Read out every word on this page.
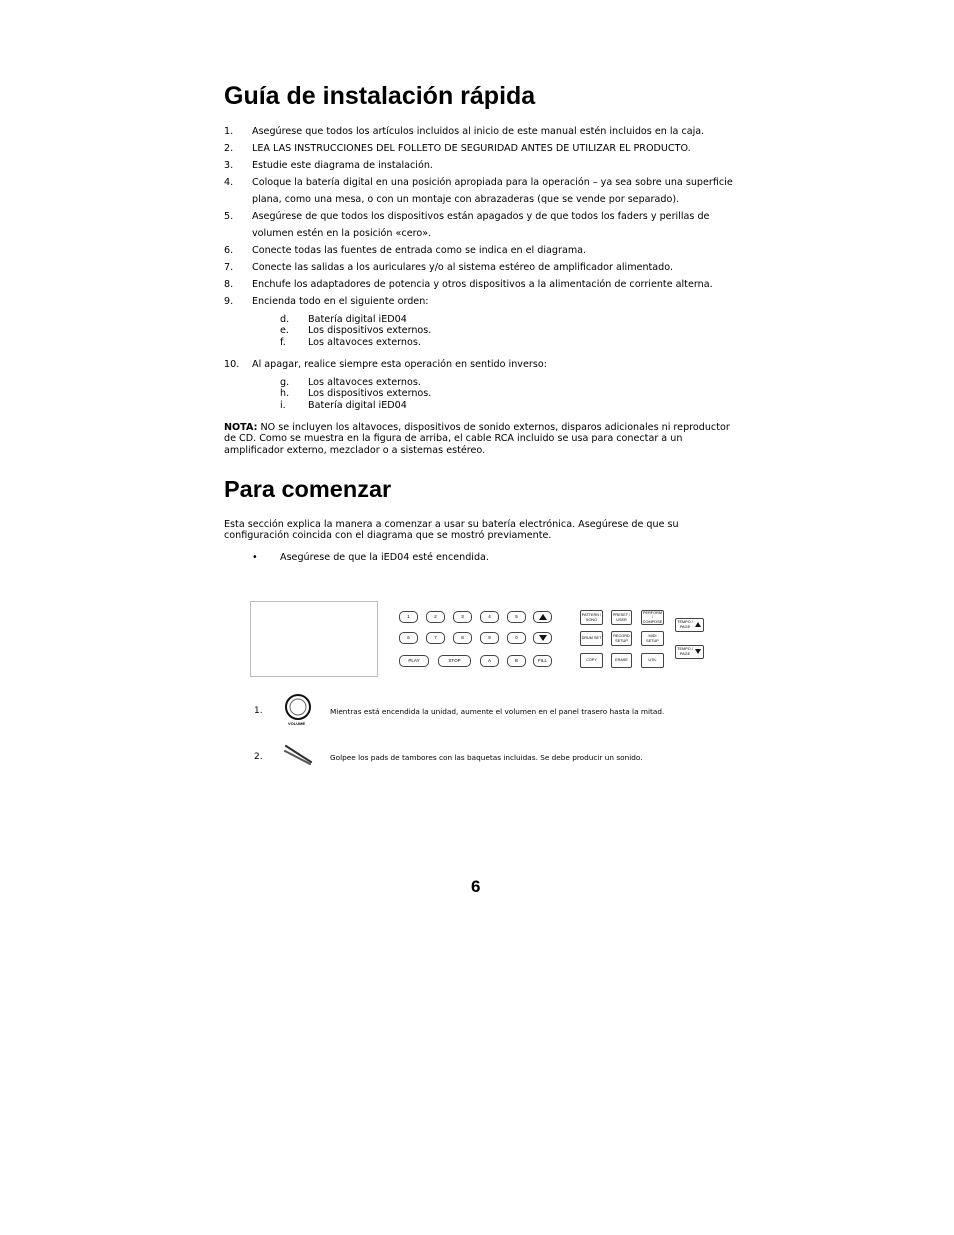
Guía de instalación rápida
1.	Asegúrese que todos los artículos incluidos al inicio de este manual estén incluidos en la caja.
2.	LEA LAS INSTRUCCIONES DEL FOLLETO DE SEGURIDAD ANTES DE UTILIZAR EL PRODUCTO.
3.	Estudie este diagrama de instalación.
4.	Coloque la batería digital en una posición apropiada para la operación – ya sea sobre una superficie
plana, como una mesa, o con un montaje con abrazaderas (que se vende por separado).
5.	Asegúrese de que todos los dispositivos están apagados y de que todos los faders y perillas de
volumen estén en la posición «cero».
6.	Conecte todas las fuentes de entrada como se indica en el diagrama.
7.	Conecte las salidas a los auriculares y/o al sistema estéreo de amplificador alimentado.
8.	Enchufe los adaptadores de potencia y otros dispositivos a la alimentación de corriente alterna.
9.	Encienda todo en el siguiente orden:
d. Batería digital iED04
e. Los dispositivos externos.
f. Los altavoces externos.
10.	Al apagar, realice siempre esta operación en sentido inverso:
g. Los altavoces externos.
h. Los dispositivos externos.
i. Batería digital iED04
NOTA: NO se incluyen los altavoces, dispositivos de sonido externos, disparos adicionales ni reproductor
de CD. Como se muestra en la figura de arriba, el cable RCA incluido se usa para conectar a un
amplificador externo, mezclador o a sistemas estéreo.
Para comenzar
Esta sección explica la manera a comenzar a usar su batería electrónica. Asegúrese de que su
configuración coincida con el diagrama que se mostró previamente.
• Asegúrese de que la iED04 esté encendida.
1	2	3	4	5
6	7	8	9	0
PLAY	STOP	A	B	FILL
PATTERN / SONG
PRESET / USER
PERFORM / COMPOSE
DRUM SET
RECORD SETUP
MIDI SETUP
COPY	ERASE	UTIL
TEMPO / PAGE
TEMPO / PAGE
1.
VOLUME
Mientras está encendida la unidad, aumente el volumen en el panel trasero hasta la mitad.
2.	Golpee los pads de tambores con las baquetas incluidas. Se debe producir un sonido.
6
